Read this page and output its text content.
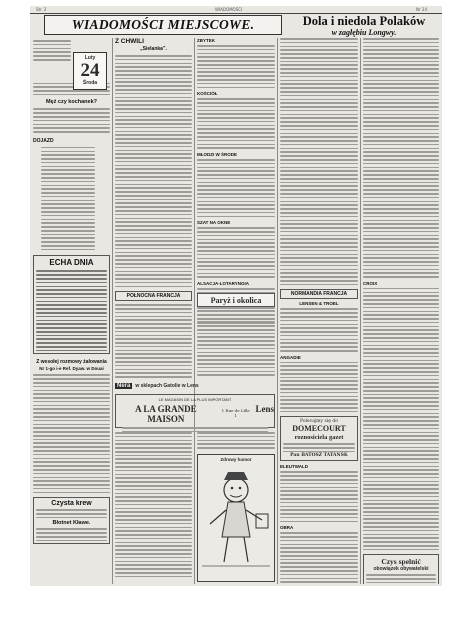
Str. 2	WIADOMOŚCI	Nr 24
WIADOMOŚCI MIEJSCOWE.	Dola i niedola Polaków
w zagłębiu Longwy.
Luty
24
Środa
Męż czy kochanek?
DOJAZD
ECHA DNIA
Z wesołej rozmowy żałowania
Nr 1-go i-e Ref. Dyaw. w Douai
Czysta krew
Błotnet Kławe.
Z CHWILI
„Sielanka”.
PÓŁNOCNA FRANCJA
Nera	w sklepach Gatolie w Lens
LE MAGASIN DE LA PLUS IMPORTANT
A LA GRANDE MAISON
1 Rue de Lille 1
Lens
ZBYTEK
KOŚCIÓŁ
MŁODZI W ŚRODE
SZAT NA OKNE
ALSACJA-LOTARYNGIA
Paryż i okolica
Zdrowy humor
NORMANDIA FRANCJA
LENSEN & TROEL
ANGADIE
Polecajmy się do
DOMECOURT
roznosiciela gazet
Pan BATOSZ TATANSK
ELEUTWALD
OBRA
CROIX
Czys spelnić
obowiązek obywatelski
